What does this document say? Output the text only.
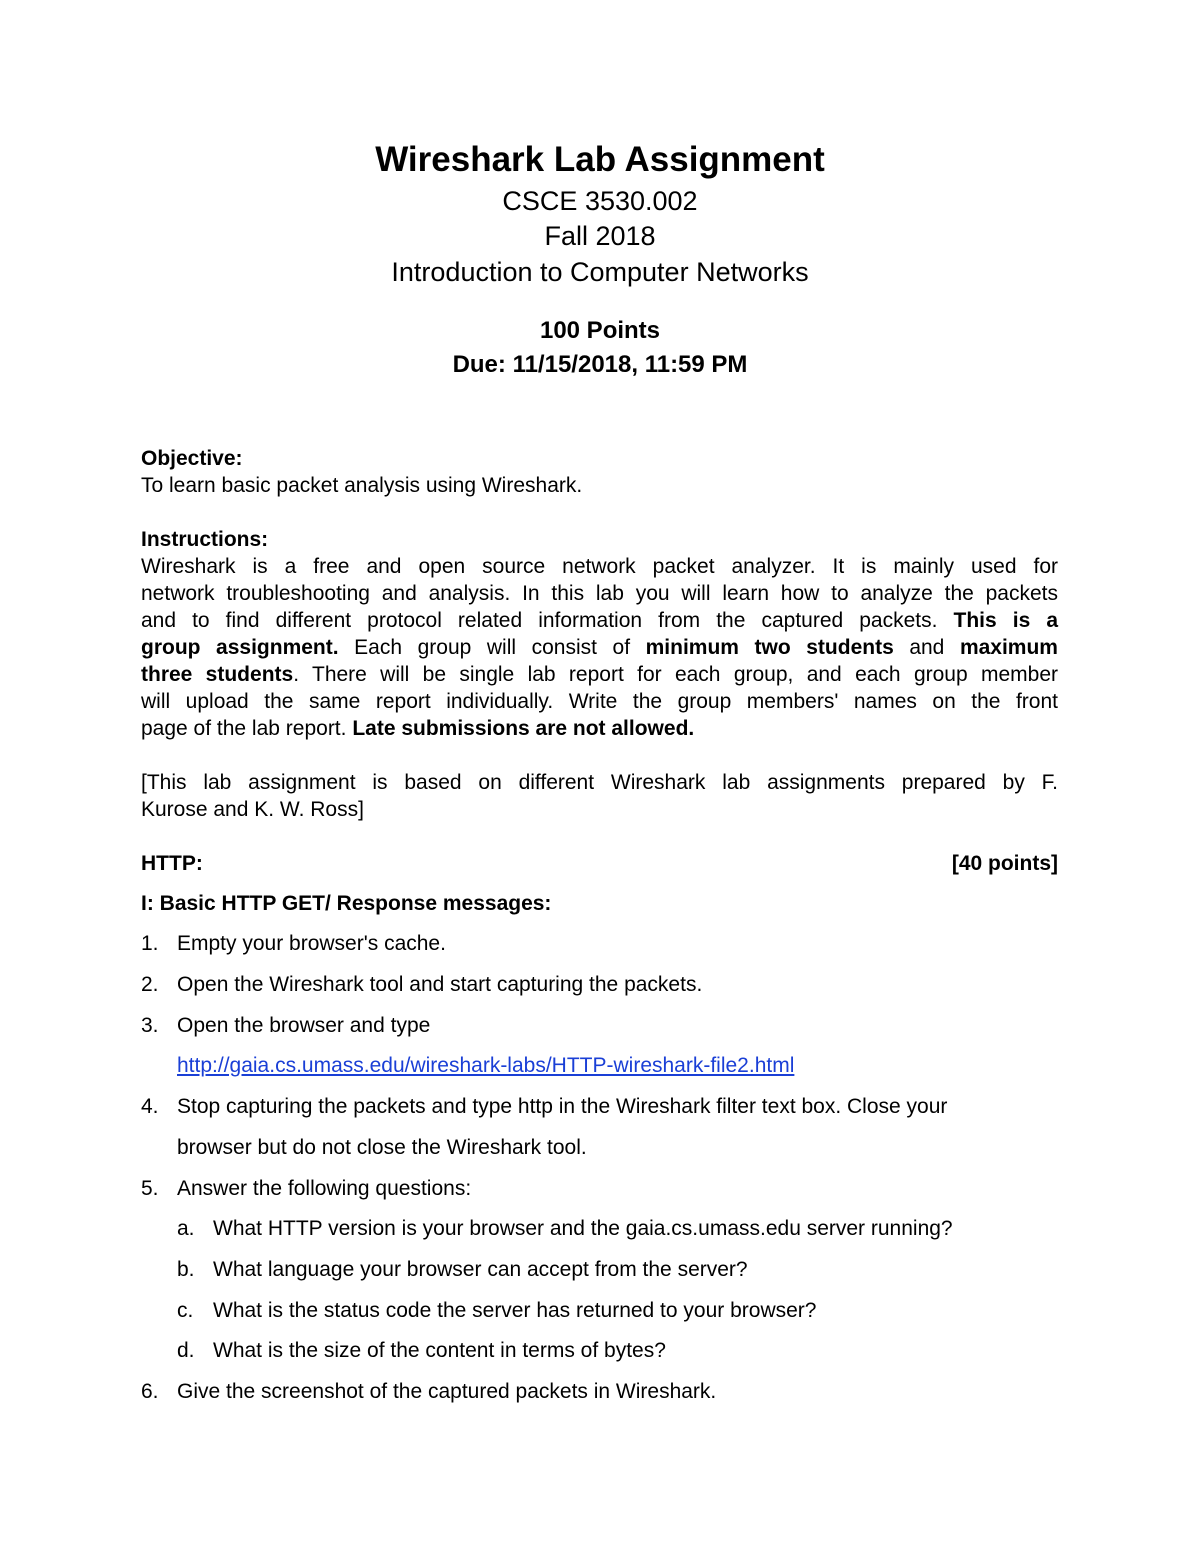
Wireshark Lab Assignment
CSCE 3530.002
Fall 2018
Introduction to Computer Networks
100 Points
Due: 11/15/2018, 11:59 PM
Objective:
To learn basic packet analysis using Wireshark.
Instructions:
Wireshark is a free and open source network packet analyzer. It is mainly used for
network troubleshooting and analysis. In this lab you will learn how to analyze the packets
and to find different protocol related information from the captured packets. This is a
group assignment. Each group will consist of minimum two students and maximum
three students. There will be single lab report for each group, and each group member
will upload the same report individually. Write the group members' names on the front
page of the lab report. Late submissions are not allowed.
[This lab assignment is based on different Wireshark lab assignments prepared by F.
Kurose and K. W. Ross]
HTTP:	[40 points]
I: Basic HTTP GET/ Response messages:
1. Empty your browser's cache.
2. Open the Wireshark tool and start capturing the packets.
3. Open the browser and type
http://gaia.cs.umass.edu/wireshark-labs/HTTP-wireshark-file2.html
4. Stop capturing the packets and type http in the Wireshark filter text box. Close your
browser but do not close the Wireshark tool.
5. Answer the following questions:
a. What HTTP version is your browser and the gaia.cs.umass.edu server running?
b. What language your browser can accept from the server?
c. What is the status code the server has returned to your browser?
d. What is the size of the content in terms of bytes?
6. Give the screenshot of the captured packets in Wireshark.
